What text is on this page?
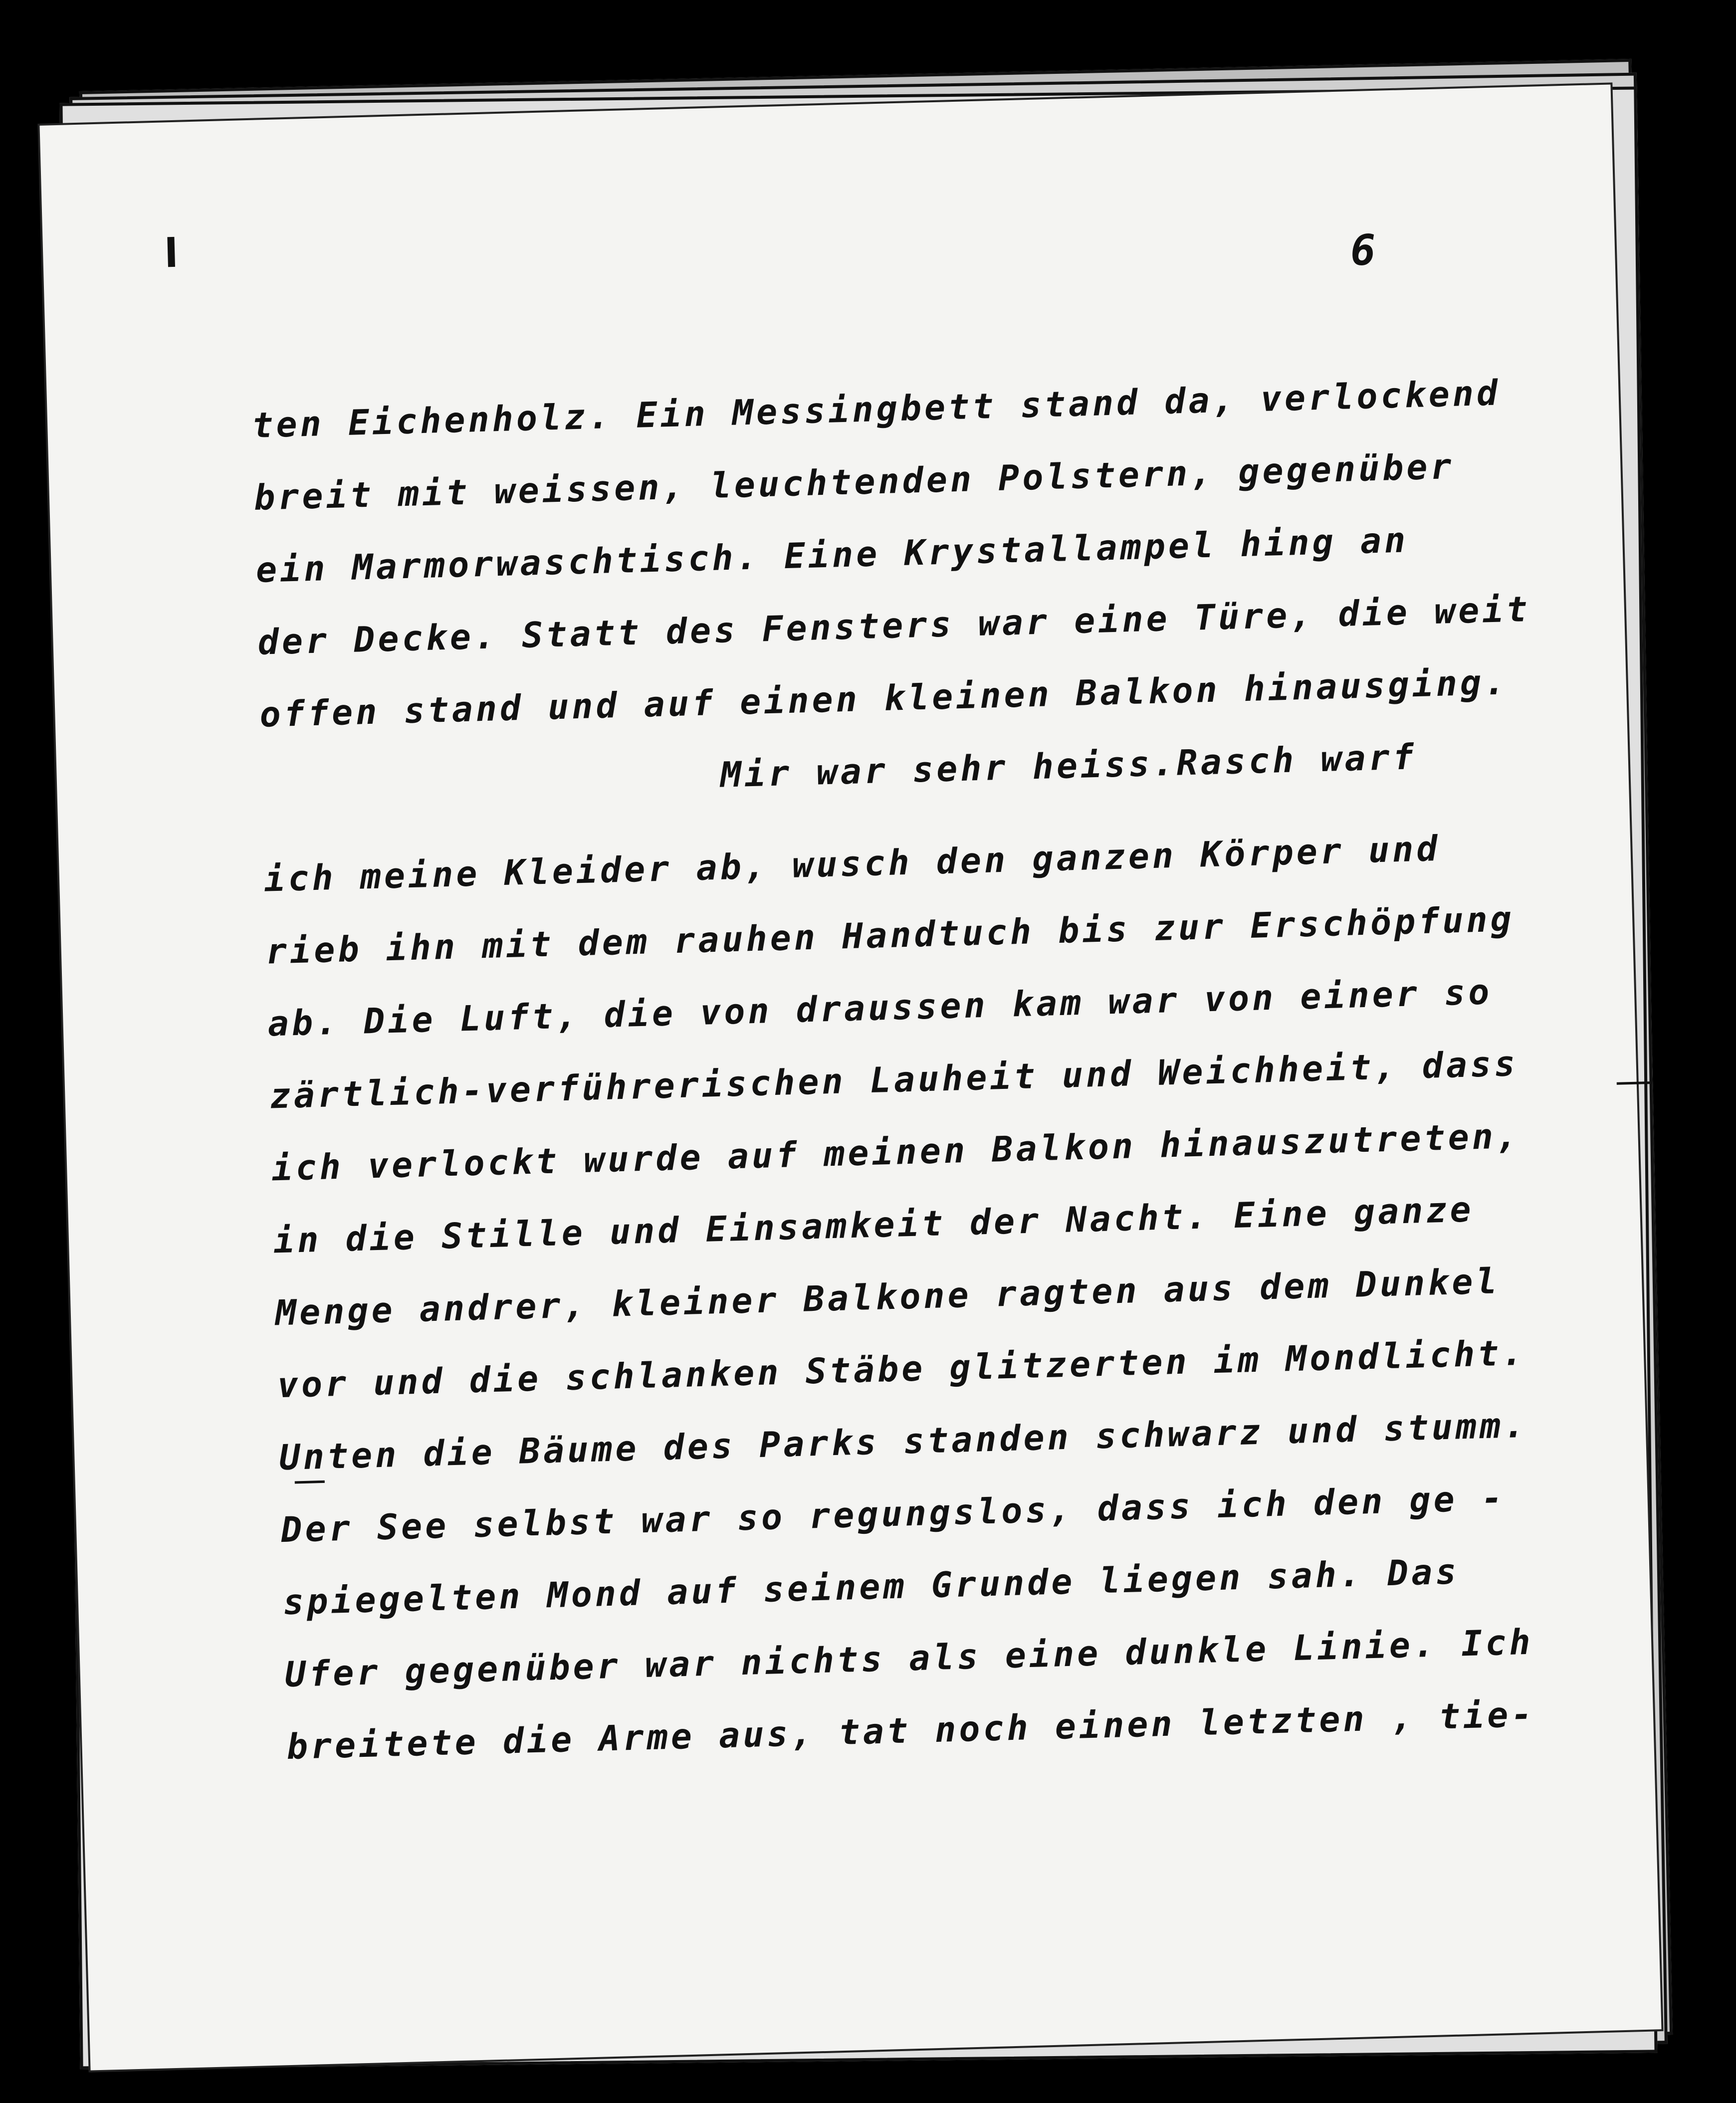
6
ten Eichenholz. Ein Messingbett stand da, verlockend
breit mit weissen, leuchtenden Polstern, gegenüber
ein Marmorwaschtisch. Eine Krystallampel hing an
der Decke. Statt des Fensters war eine Türe, die weit
offen stand und auf einen kleinen Balkon hinausging.
Mir war sehr heiss.Rasch warf
ich meine Kleider ab, wusch den ganzen Körper und
rieb ihn mit dem rauhen Handtuch bis zur Erschöpfung
ab. Die Luft, die von draussen kam war von einer so
zärtlich-verführerischen Lauheit und Weichheit, dass
ich verlockt wurde auf meinen Balkon hinauszutreten,
in die Stille und Einsamkeit der Nacht. Eine ganze
Menge andrer, kleiner Balkone ragten aus dem Dunkel
vor und die schlanken Stäbe glitzerten im Mondlicht.
Unten die Bäume des Parks standen schwarz und stumm.
Der See selbst war so regungslos, dass ich den ge -
spiegelten Mond auf seinem Grunde liegen sah. Das
Ufer gegenüber war nichts als eine dunkle Linie. Ich
breitete die Arme aus, tat noch einen letzten , tie-
